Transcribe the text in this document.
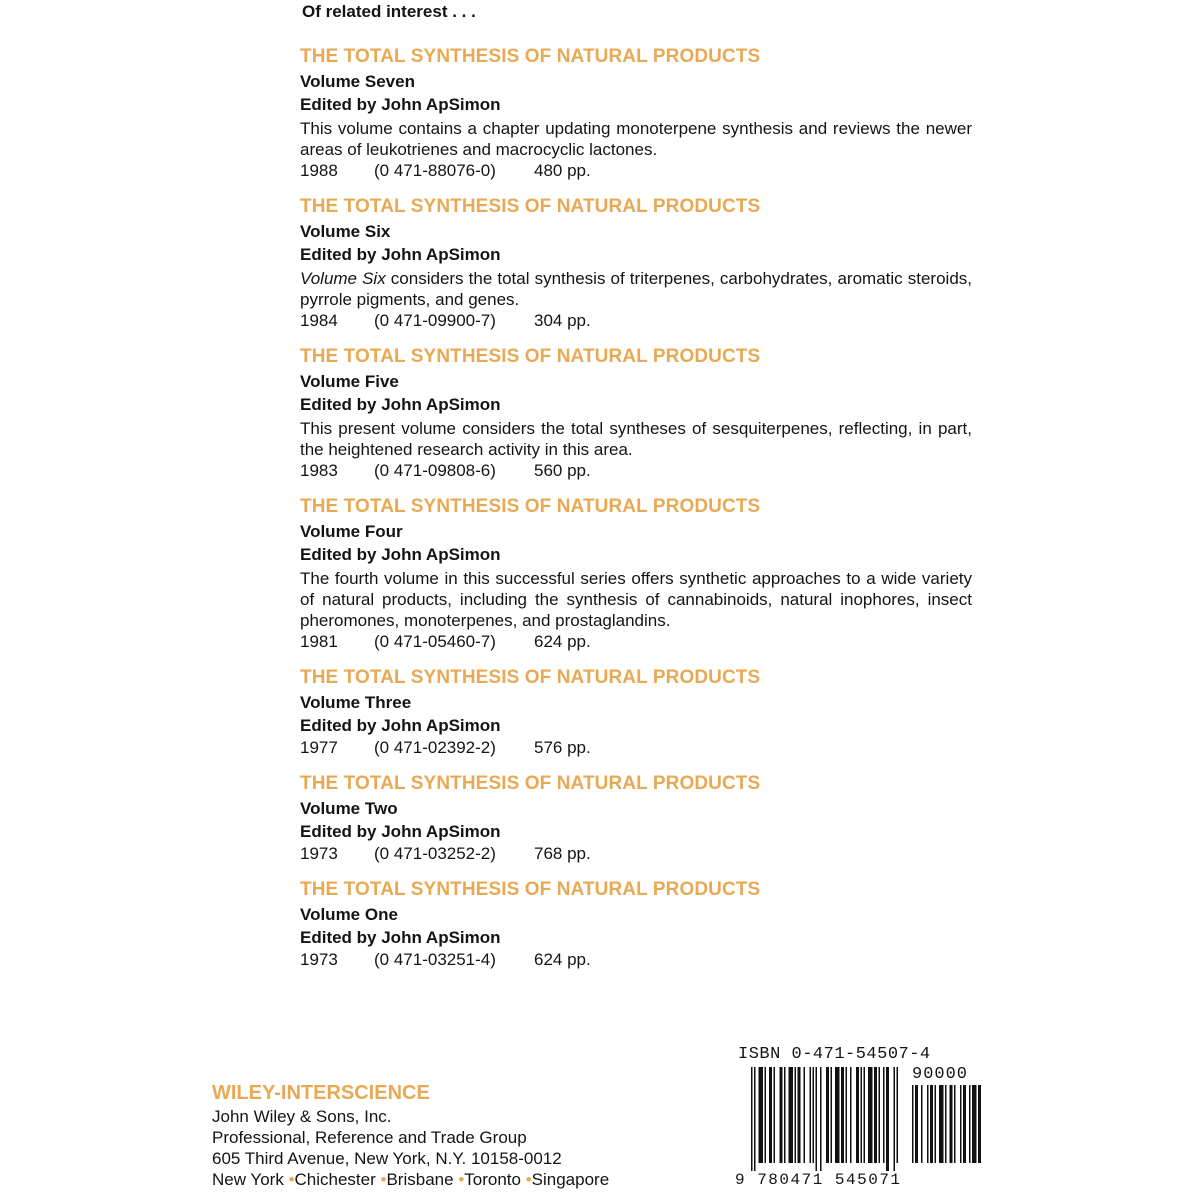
Of related interest . . .
THE TOTAL SYNTHESIS OF NATURAL PRODUCTS
Volume Seven
Edited by John ApSimon
This volume contains a chapter updating monoterpene synthesis and reviews the newer areas of leukotrienes and macrocyclic lactones.
1988	(0 471-88076-0)	480 pp.
THE TOTAL SYNTHESIS OF NATURAL PRODUCTS
Volume Six
Edited by John ApSimon
Volume Six considers the total synthesis of triterpenes, carbohydrates, aromatic steroids, pyrrole pigments, and genes.
1984	(0 471-09900-7)	304 pp.
THE TOTAL SYNTHESIS OF NATURAL PRODUCTS
Volume Five
Edited by John ApSimon
This present volume considers the total syntheses of sesquiterpenes, reflecting, in part, the heightened research activity in this area.
1983	(0 471-09808-6)	560 pp.
THE TOTAL SYNTHESIS OF NATURAL PRODUCTS
Volume Four
Edited by John ApSimon
The fourth volume in this successful series offers synthetic approaches to a wide variety of natural products, including the synthesis of cannabinoids, natural inophores, insect pheromones, monoterpenes, and prostaglandins.
1981	(0 471-05460-7)	624 pp.
THE TOTAL SYNTHESIS OF NATURAL PRODUCTS
Volume Three
Edited by John ApSimon
1977	(0 471-02392-2)	576 pp.
THE TOTAL SYNTHESIS OF NATURAL PRODUCTS
Volume Two
Edited by John ApSimon
1973	(0 471-03252-2)	768 pp.
THE TOTAL SYNTHESIS OF NATURAL PRODUCTS
Volume One
Edited by John ApSimon
1973	(0 471-03251-4)	624 pp.
WILEY-INTERSCIENCE
John Wiley & Sons, Inc.
Professional, Reference and Trade Group
605 Third Avenue, New York, N.Y. 10158-0012
New York •Chichester •Brisbane •Toronto •Singapore
ISBN 0-471-54507-4
90000
9 780471 545071
